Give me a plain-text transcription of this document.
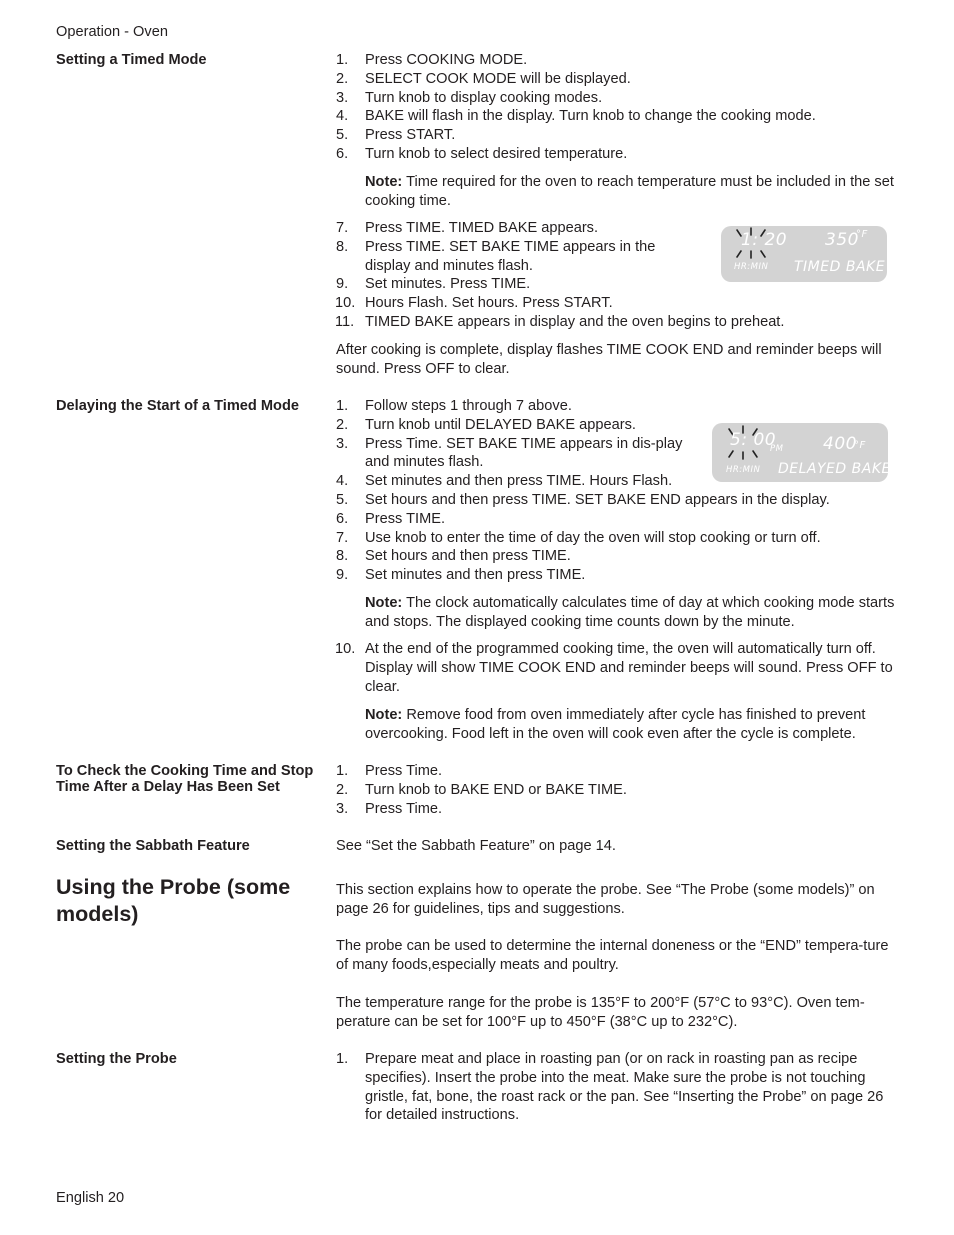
Operation - Oven
Setting a Timed Mode	1.	Press COOKING MODE.
2.	SELECT COOK MODE will be displayed.
3.	Turn knob to display cooking modes.
4.	BAKE will flash in the display. Turn knob to change the cooking mode.
5.	Press START.
6.	Turn knob to select desired temperature.
Note: Time required for the oven to reach temperature must be included in the set cooking time.
7.	Press TIME. TIMED BAKE appears.
8.	Press TIME. SET BAKE TIME appears in the display and minutes flash.
9.	Set minutes. Press TIME.
10. Hours Flash. Set hours. Press START.
11. TIMED BAKE appears in display and the oven begins to preheat.
1: 20 350
°F
HR:MIN TIMED BAKE

After cooking is complete, display flashes TIME COOK END and reminder beeps will sound. Press OFF to clear.

Delaying the Start of a Timed Mode	1.	Follow steps 1 through 7 above.
2.	Turn knob until DELAYED BAKE appears.
3.	Press Time. SET BAKE TIME appears in dis-play and minutes flash.
4.	Set minutes and then press TIME. Hours Flash.
5.	Set hours and then press TIME. SET BAKE END appears in the display.
6.	Press TIME.
7.	Use knob to enter the time of day the oven will stop cooking or turn off.
8.	Set hours and then press TIME.
9.	Set minutes and then press TIME.
5: 00
PM 400
°F
HR:MIN DELAYED BAKE
Note: The clock automatically calculates time of day at which cooking mode starts and stops. The displayed cooking time counts down by the minute.
10. At the end of the programmed cooking time, the oven will automatically turn off. Display will show TIME COOK END and reminder beeps will sound. Press OFF to clear.
Note: Remove food from oven immediately after cycle has finished to prevent overcooking. Food left in the oven will cook even after the cycle is complete.
To Check the Cooking Time and Stop Time After a Delay Has Been Set
1.	Press Time.
2.	Turn knob to BAKE END or BAKE TIME.
3.	Press Time.
Setting the Sabbath Feature	See “Set the Sabbath Feature” on page 14.

Using the Probe (some models)

This section explains how to operate the probe. See “The Probe (some models)” on page 26 for guidelines, tips and suggestions.

The probe can be used to determine the internal doneness or the “END” tempera-ture of many foods,especially meats and poultry.

The temperature range for the probe is 135°F to 200°F (57°C to 93°C). Oven tem-perature can be set for 100°F up to 450°F (38°C up to 232°C).

Setting the Probe	1.	Prepare meat and place in roasting pan (or on rack in roasting pan as recipe specifies). Insert the probe into the meat. Make sure the probe is not touching gristle, fat, bone, the roast rack or the pan. See “Inserting the Probe” on page 26 for detailed instructions.
English 20
